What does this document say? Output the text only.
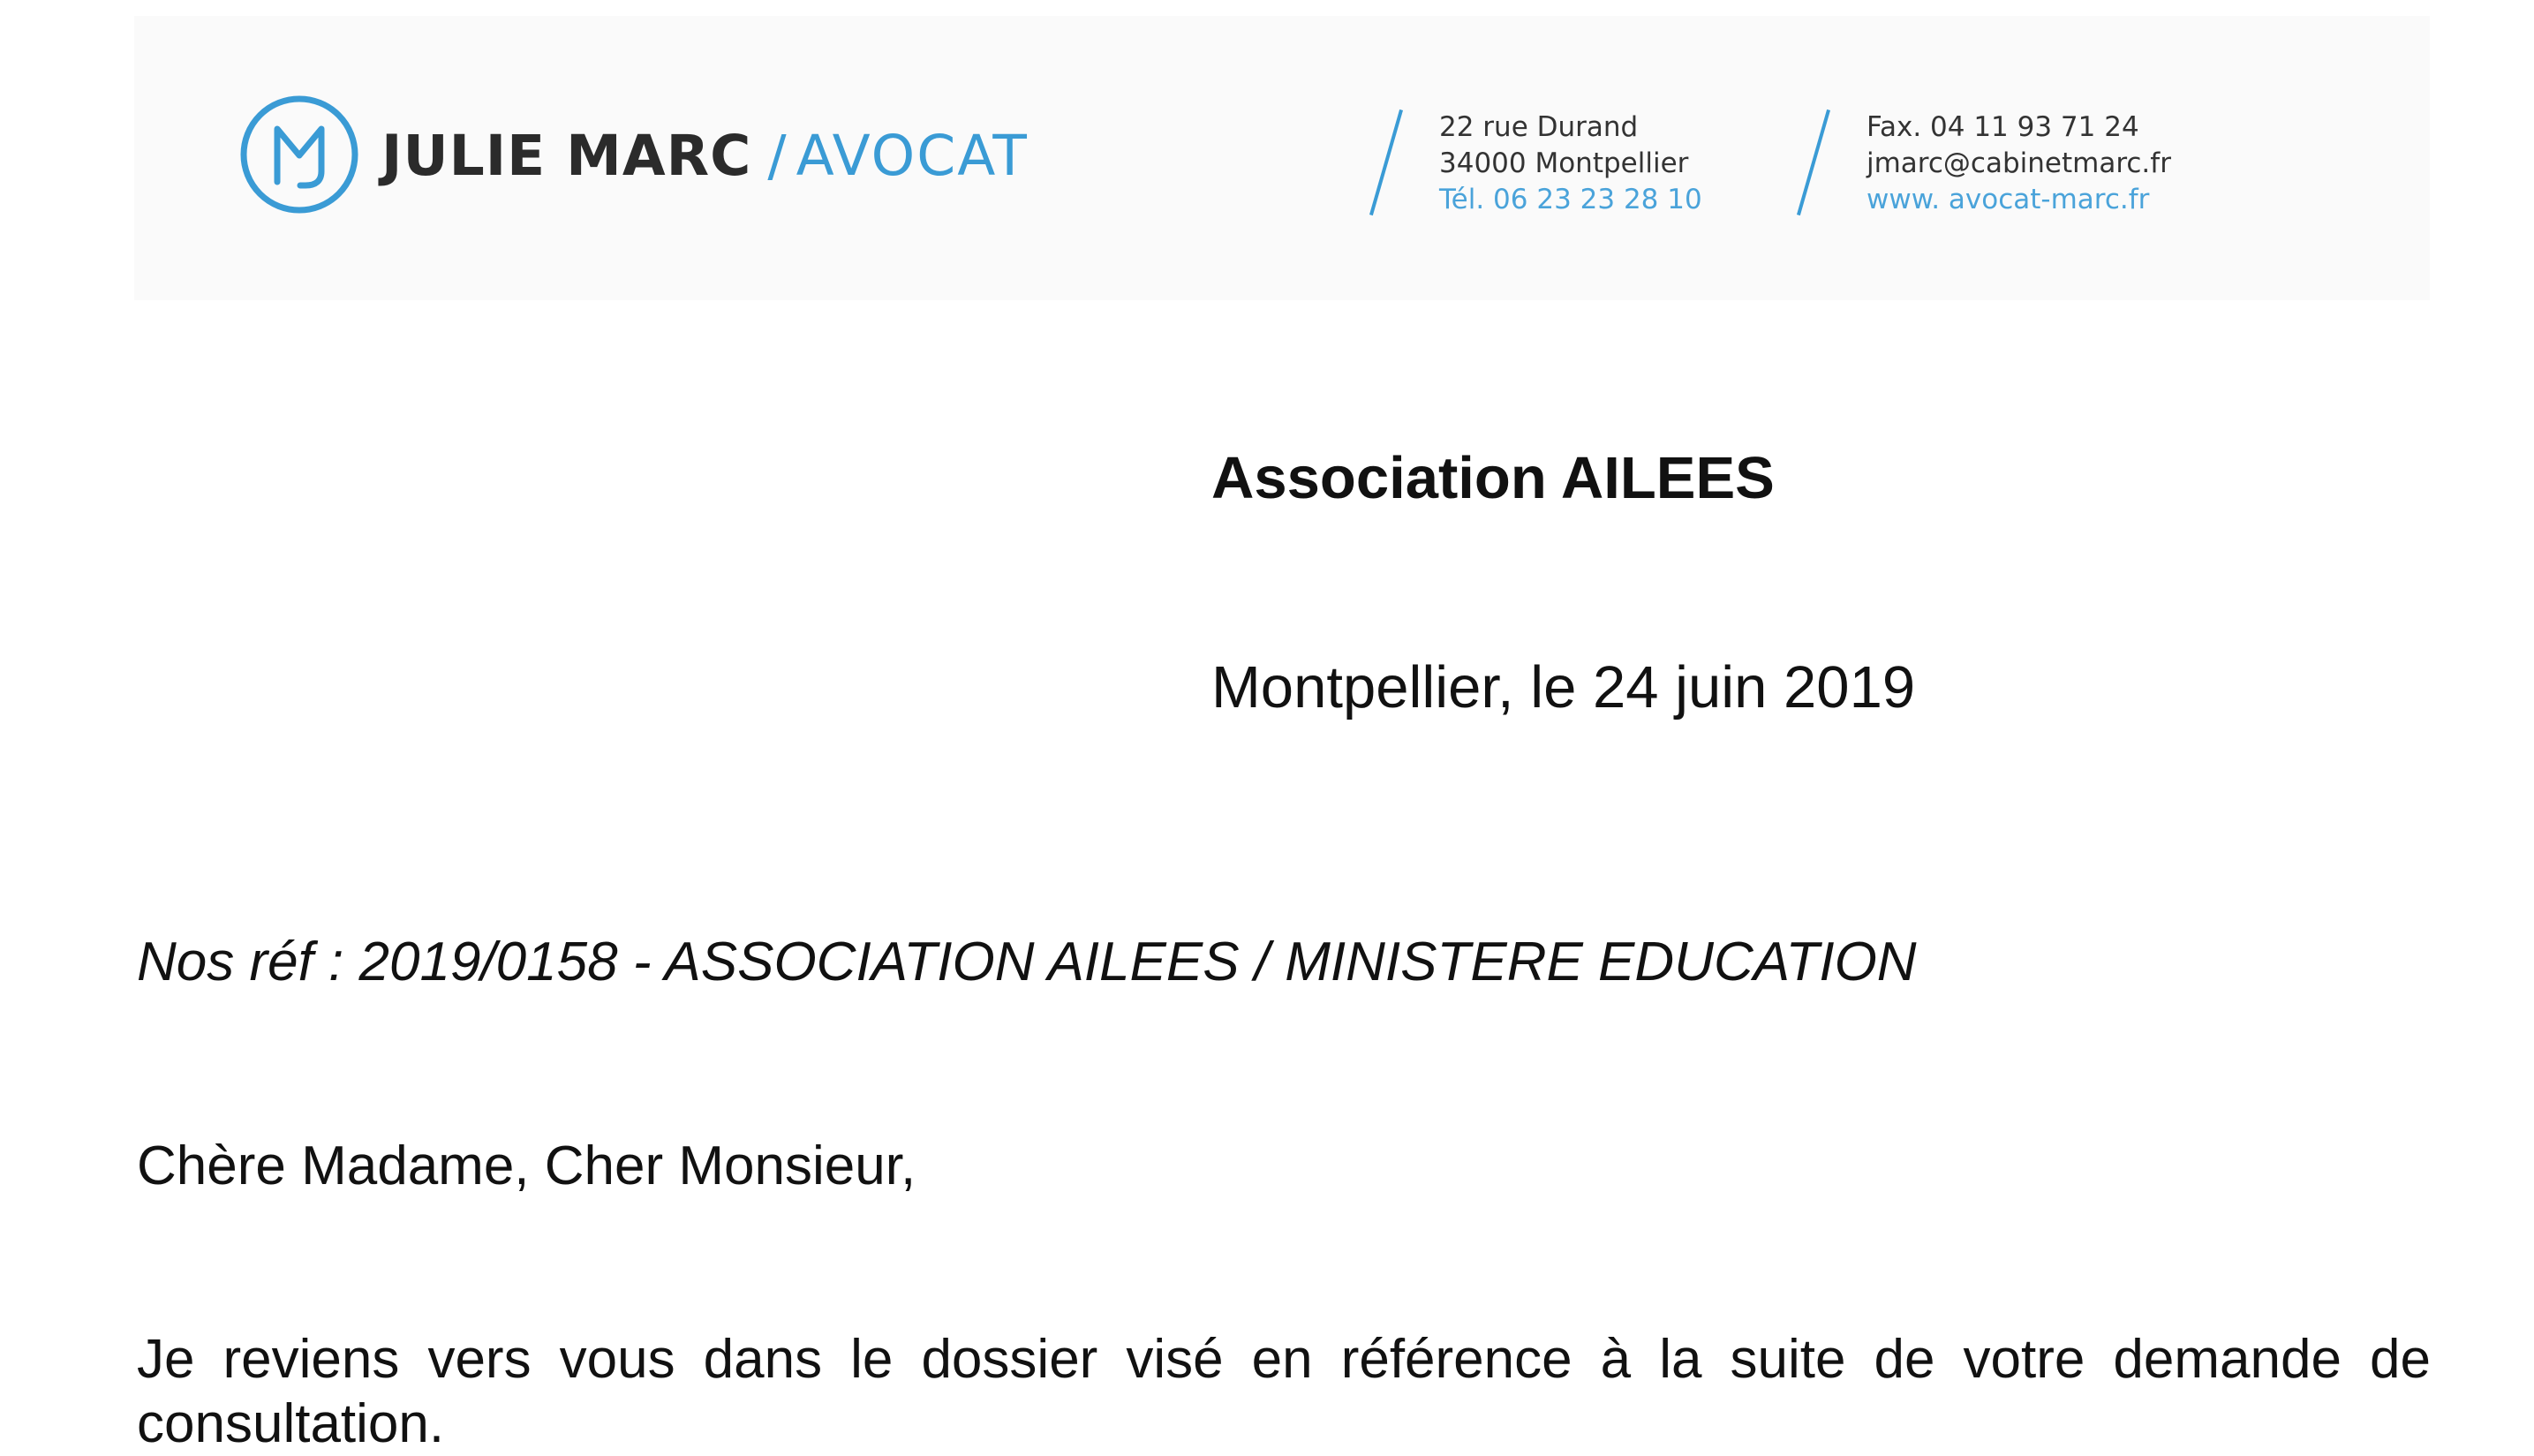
JULIE MARC / AVOCAT	22 rue Durand
34000 Montpellier
Tél. 06 23 23 28 10
Fax. 04 11 93 71 24
jmarc@cabinetmarc.fr
www. avocat-marc.fr
Association AILEES
Montpellier, le 24 juin 2019
Nos réf : 2019/0158 - ASSOCIATION AILEES / MINISTERE EDUCATION
Chère Madame, Cher Monsieur,
Je reviens vers vous dans le dossier visé en référence à la suite de votre demande de consultation.
